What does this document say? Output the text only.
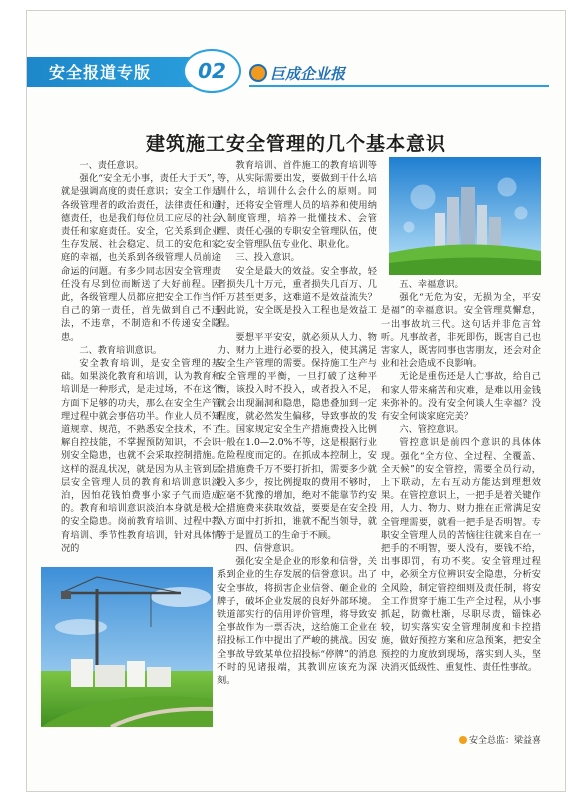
安全报道专版	02	巨成企业报
建筑施工安全管理的几个基本意识

一、责任意识。

强化“安全无小事，责任大于天”，就是强调高度的责任意识；安全工作是各级管理者的政治责任，法律责任和道德责任，也是我们每位员工应尽的社会责任和家庭责任。安全，它关系到企业生存发展、社会稳定、员工的安危和家庭的幸福，也关系到各级管理人员前途命运的问题。有多少同志因安全管理责任没有尽到位而断送了大好前程。因此，各级管理人员都应把安全工作当作自己的第一责任，首先做到自己不违法，不违章，不制造和不传递安全隐患。

二、教育培训意识。

安全教育培训，是安全管理的基础。如果淡化教育和培训，认为教育和培训是一种形式，是走过场，不在这个方面下足够的功夫，那么在安全生产管理过程中就会事倍功半。作业人员不知道规章、规范，不熟悉安全技术，不了解自控技能，不掌握预防知识，不会识别安全隐患，也就不会采取控制措施。这样的混乱状况，就是因为从主管到层层安全管理人员的教育和培训意识淡泊，因怕花钱怕费事小家子气而造成的。教育和培训意识淡泊本身就是极大的安全隐患。岗前教育培训、过程中教育培训、季节性教育培训，针对具体情况的

教育培训、首件施工的教育培训等等，从实际需要出发，要做到干什么培训什么，培训什么会什么的原则。同时，还将安全管理人员的培养和使用纳入制度管理，培养一批懂技术、会管理、责任心强的专职安全管理队伍，使之安全管理队伍专业化、职业化。

三、投入意识。

安全是最大的效益。安全事故，轻者损失几十万元，重者损失几百万、几千万甚至更多，这难道不是效益流失？因此说，安全既是投入工程也是效益工程。

要想平平安安，就必须从人力、物力、财力上进行必要的投入，使其满足安全生产管理的需要。保持施工生产与安全管理的平衡，一旦打破了这种平衡，该投入时不投入，或者投入不足，就会出现漏洞和隐患，隐患叠加到一定程度，就必然发生偏移，导致事故的发生。国家规定安全生产措施费投入比例一般在1.0—2.0%不等，这是根据行业危险程度而定的。在抓成本控制上，安全措施费千万不要打折扣，需要多少就投入多少，按比例提取的费用不够时，应毫不犹豫的增加，绝对不能靠节约安全措施费来获取效益，要要是在安全投入方面中打折扣，谁就不配当领导，就等于是置员工的生命于不顾。

四、信誉意识。

强化安全是企业的形象和信誉，关系到企业的生存发展的信誉意识。出了安全事故，将损害企业信誉、砸企业的牌子，破坏企业发展的良好外部环境。铁道部实行的信用评价管理，将导致安全事故作为一票否决，这给施工企业在招投标工作中提出了严峻的挑战。因安全事故导致某单位招投标“停牌”的消息不时的见诸报端，其教训应该充为深刻。

五、幸福意识。

强化“无危为安，无损为全，平安是福”的幸福意识。安全管理莫懈怠，一出事故坑三代。这句话并非危言耸听。凡事故者，非死即伤，既害自己也害家人，既害同事也害朋友，还会对企业和社会造成不良影响。

无论是重伤还是人亡事故，给自己和家人带来痛苦和灾难，是难以用金钱来弥补的。没有安全何谈人生幸福？没有安全何谈家庭完美？

六、管控意识。

管控意识是前四个意识的具体体现。强化“全方位、全过程、全覆盖、全天候”的安全管控，需要全员行动，上下联动，左右互动方能达到理想效果。在管控意识上，一把手是着关键作用，人力、物力、财力推在正常满足安全管理需要，就看一把手是否明智。专职安全管理人员的苦恼往往就来自在一把手的不明智，要人没有，要钱不给，出事即罚，有功不奖。安全管理过程中，必须全方位辨识安全隐患，分析安全风险，制定管控细则及责任制，将安全工作贯穿于施工生产全过程，从小事抓起，防微杜渐，尽职尽责，锱铢必较，切实落实安全管理制度和卡控措施，做好预控方案和应急预案，把安全预控的力度放到现场，落实到人头，坚决消灭低级性、重复性、责任性事故。

安全总监：梁益喜
